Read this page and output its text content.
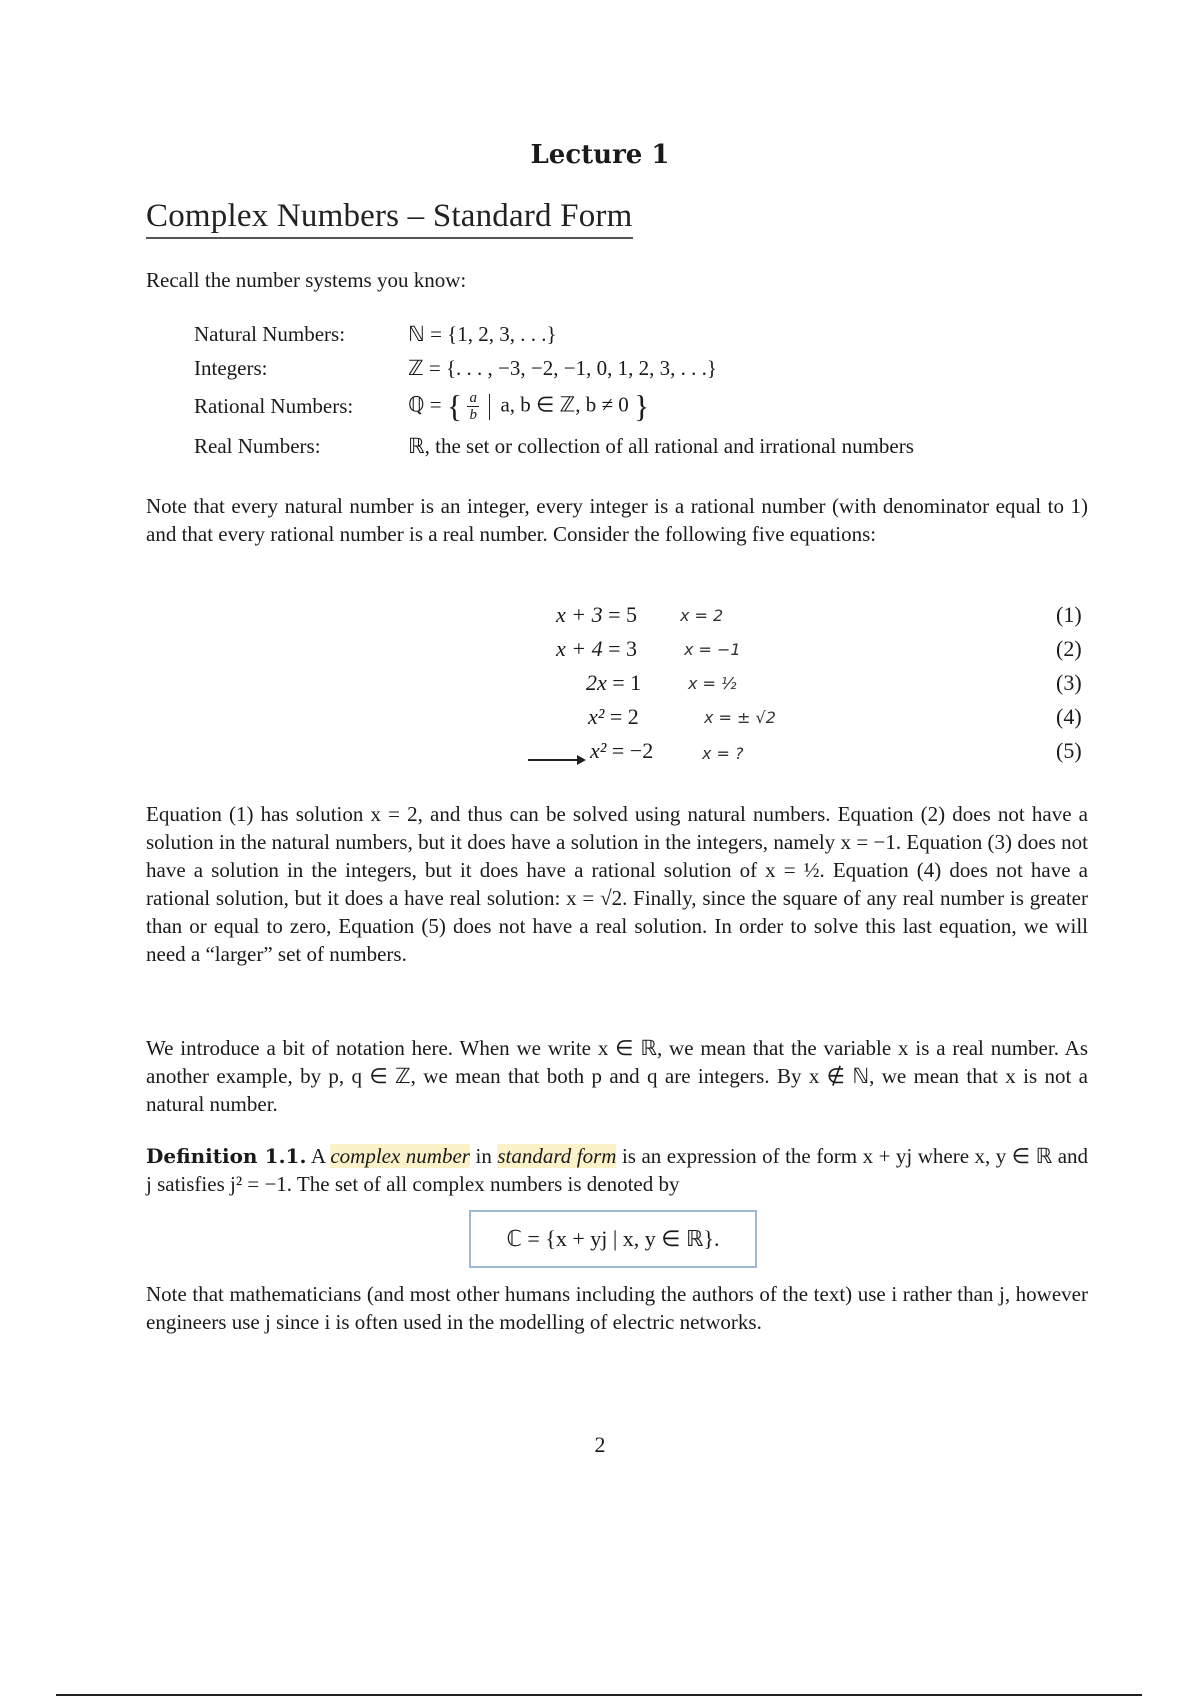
Lecture 1
Complex Numbers – Standard Form

Recall the number systems you know:

Natural Numbers:	ℕ = {1, 2, 3, . . .}
Integers:	ℤ = {. . . , −3, −2, −1, 0, 1, 2, 3, . . .}
Rational Numbers:	ℚ = { $\frac{a}{b} a$, b ∈ ℤ, b ≠ 0 }
Real Numbers:	ℝ, the set or collection of all rational and irrational numbers

Note that every natural number is an integer, every integer is a rational number (with denominator equal to 1) and that every rational number is a real number. Consider the following five equations:

x + 3 = 5	x = 2	(1)
x + 4 = 3	x = −1	(2)
2x = 1	x = ½	(3)
x² = 2	x = ± √2	(4)
x² = −2	x = ?	(5)

Equation (1) has solution x = 2, and thus can be solved using natural numbers. Equation (2) does not have a solution in the natural numbers, but it does have a solution in the integers, namely x = −1. Equation (3) does not have a solution in the integers, but it does have a rational solution of x = ½. Equation (4) does not have a rational solution, but it does a have real solution: x = √2. Finally, since the square of any real number is greater than or equal to zero, Equation (5) does not have a real solution. In order to solve this last equation, we will need a “larger” set of numbers.

We introduce a bit of notation here. When we write x ∈ ℝ, we mean that the variable x is a real number. As another example, by p, q ∈ ℤ, we mean that both p and q are integers. By x ∉ ℕ, we mean that x is not a natural number.

Definition 1.1. A complex number in standard form is an expression of the form x + yj where x, y ∈ ℝ and j satisfies j² = −1. The set of all complex numbers is denoted by

ℂ = {x + yj | x, y ∈ ℝ}.

Note that mathematicians (and most other humans including the authors of the text) use i rather than j, however engineers use j since i is often used in the modelling of electric networks.

2
